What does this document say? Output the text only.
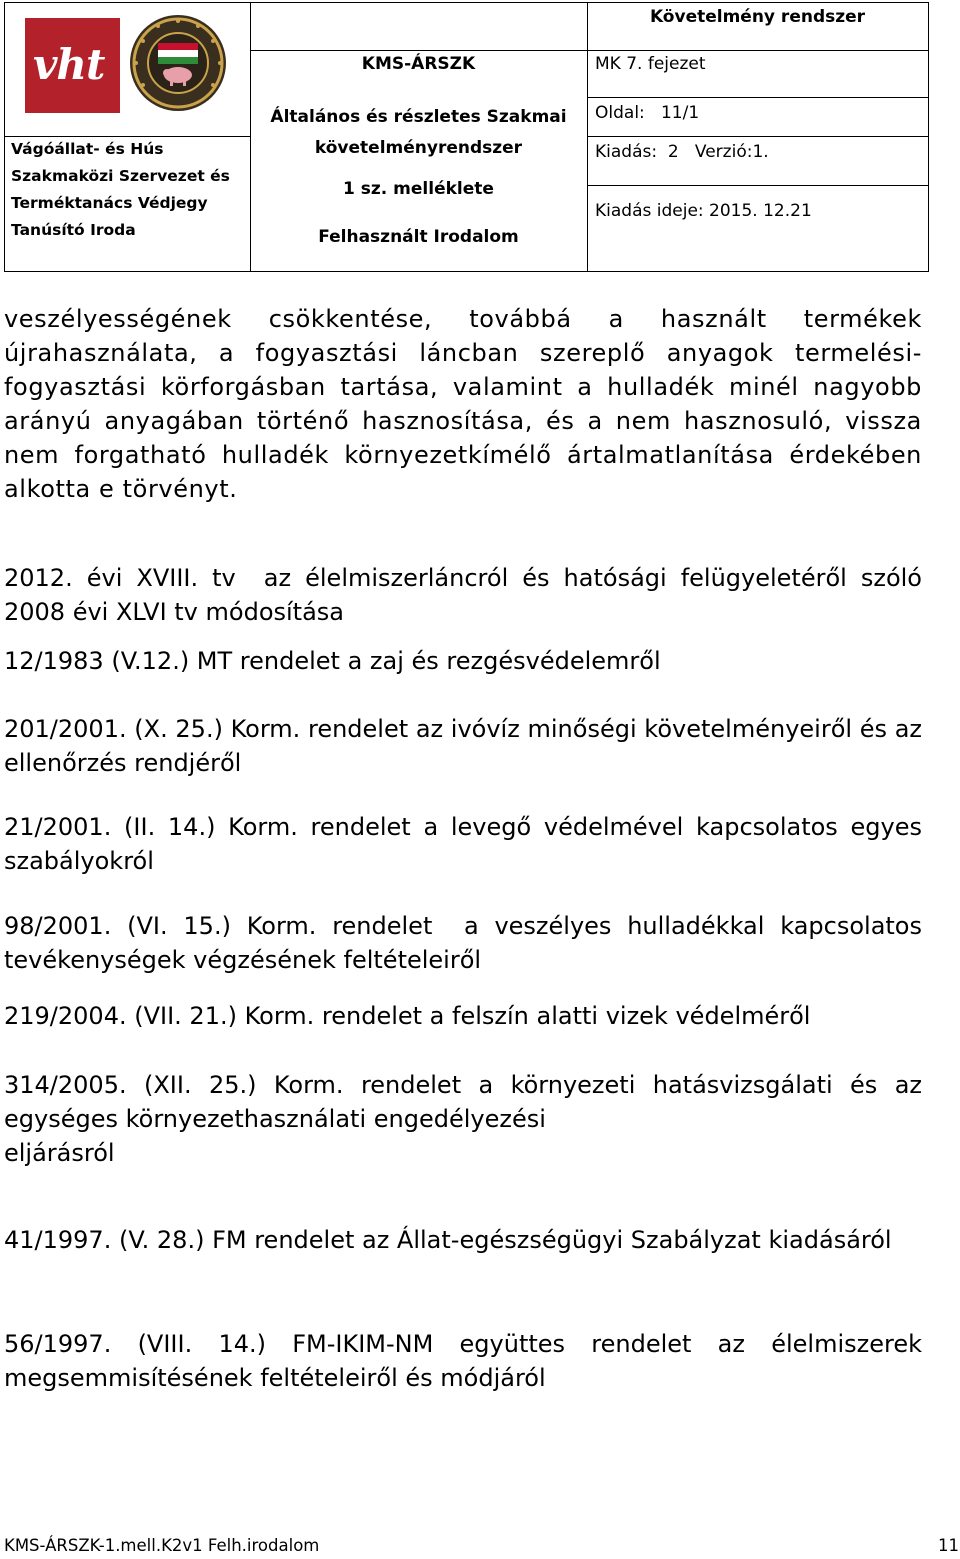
vht
Vágóállat- és Hús
Szakmaközi Szervezet és
Terméktanács Védjegy
Tanúsító Iroda
KMS-ÁRSZK
Általános és részletes Szakmai
követelményrendszer
1 sz. melléklete
Felhasznált Irodalom
Követelmény rendszer
MK 7. fejezet
Oldal:   11/1
Kiadás:  2   Verzió:1.
Kiadás ideje: 2015. 12.21
veszélyességének csökkentése, továbbá a használt termékek újrahasználata, a fogyasztási láncban szereplő anyagok termelési-fogyasztási körforgásban tartása, valamint a hulladék minél nagyobb arányú anyagában történő hasznosítása, és a nem hasznosuló, vissza nem forgatható hulladék környezetkímélő ártalmatlanítása érdekében alkotta e törvényt.
2012. évi XVIII. tv  az élelmiszerláncról és hatósági felügyeletéről szóló 2008 évi XLVI tv módosítása
12/1983 (V.12.) MT rendelet a zaj és rezgésvédelemről
201/2001. (X. 25.) Korm. rendelet az ivóvíz minőségi követelményeiről és az ellenőrzés rendjéről
21/2001. (II. 14.) Korm. rendelet a levegő védelmével kapcsolatos egyes szabályokról
98/2001. (VI. 15.) Korm. rendelet  a veszélyes hulladékkal kapcsolatos tevékenységek végzésének feltételeiről
219/2004. (VII. 21.) Korm. rendelet a felszín alatti vizek védelméről
314/2005. (XII. 25.) Korm. rendelet a környezeti hatásvizsgálati és az
egységes környezethasználati engedélyezési
eljárásról
41/1997. (V. 28.) FM rendelet az Állat-egészségügyi Szabályzat kiadásáról
56/1997. (VIII. 14.) FM-IKIM-NM együttes rendelet az élelmiszerek megsemmisítésének feltételeiről és módjáról
KMS-ÁRSZK-1.mell.K2v1 Felh.irodalom	11
